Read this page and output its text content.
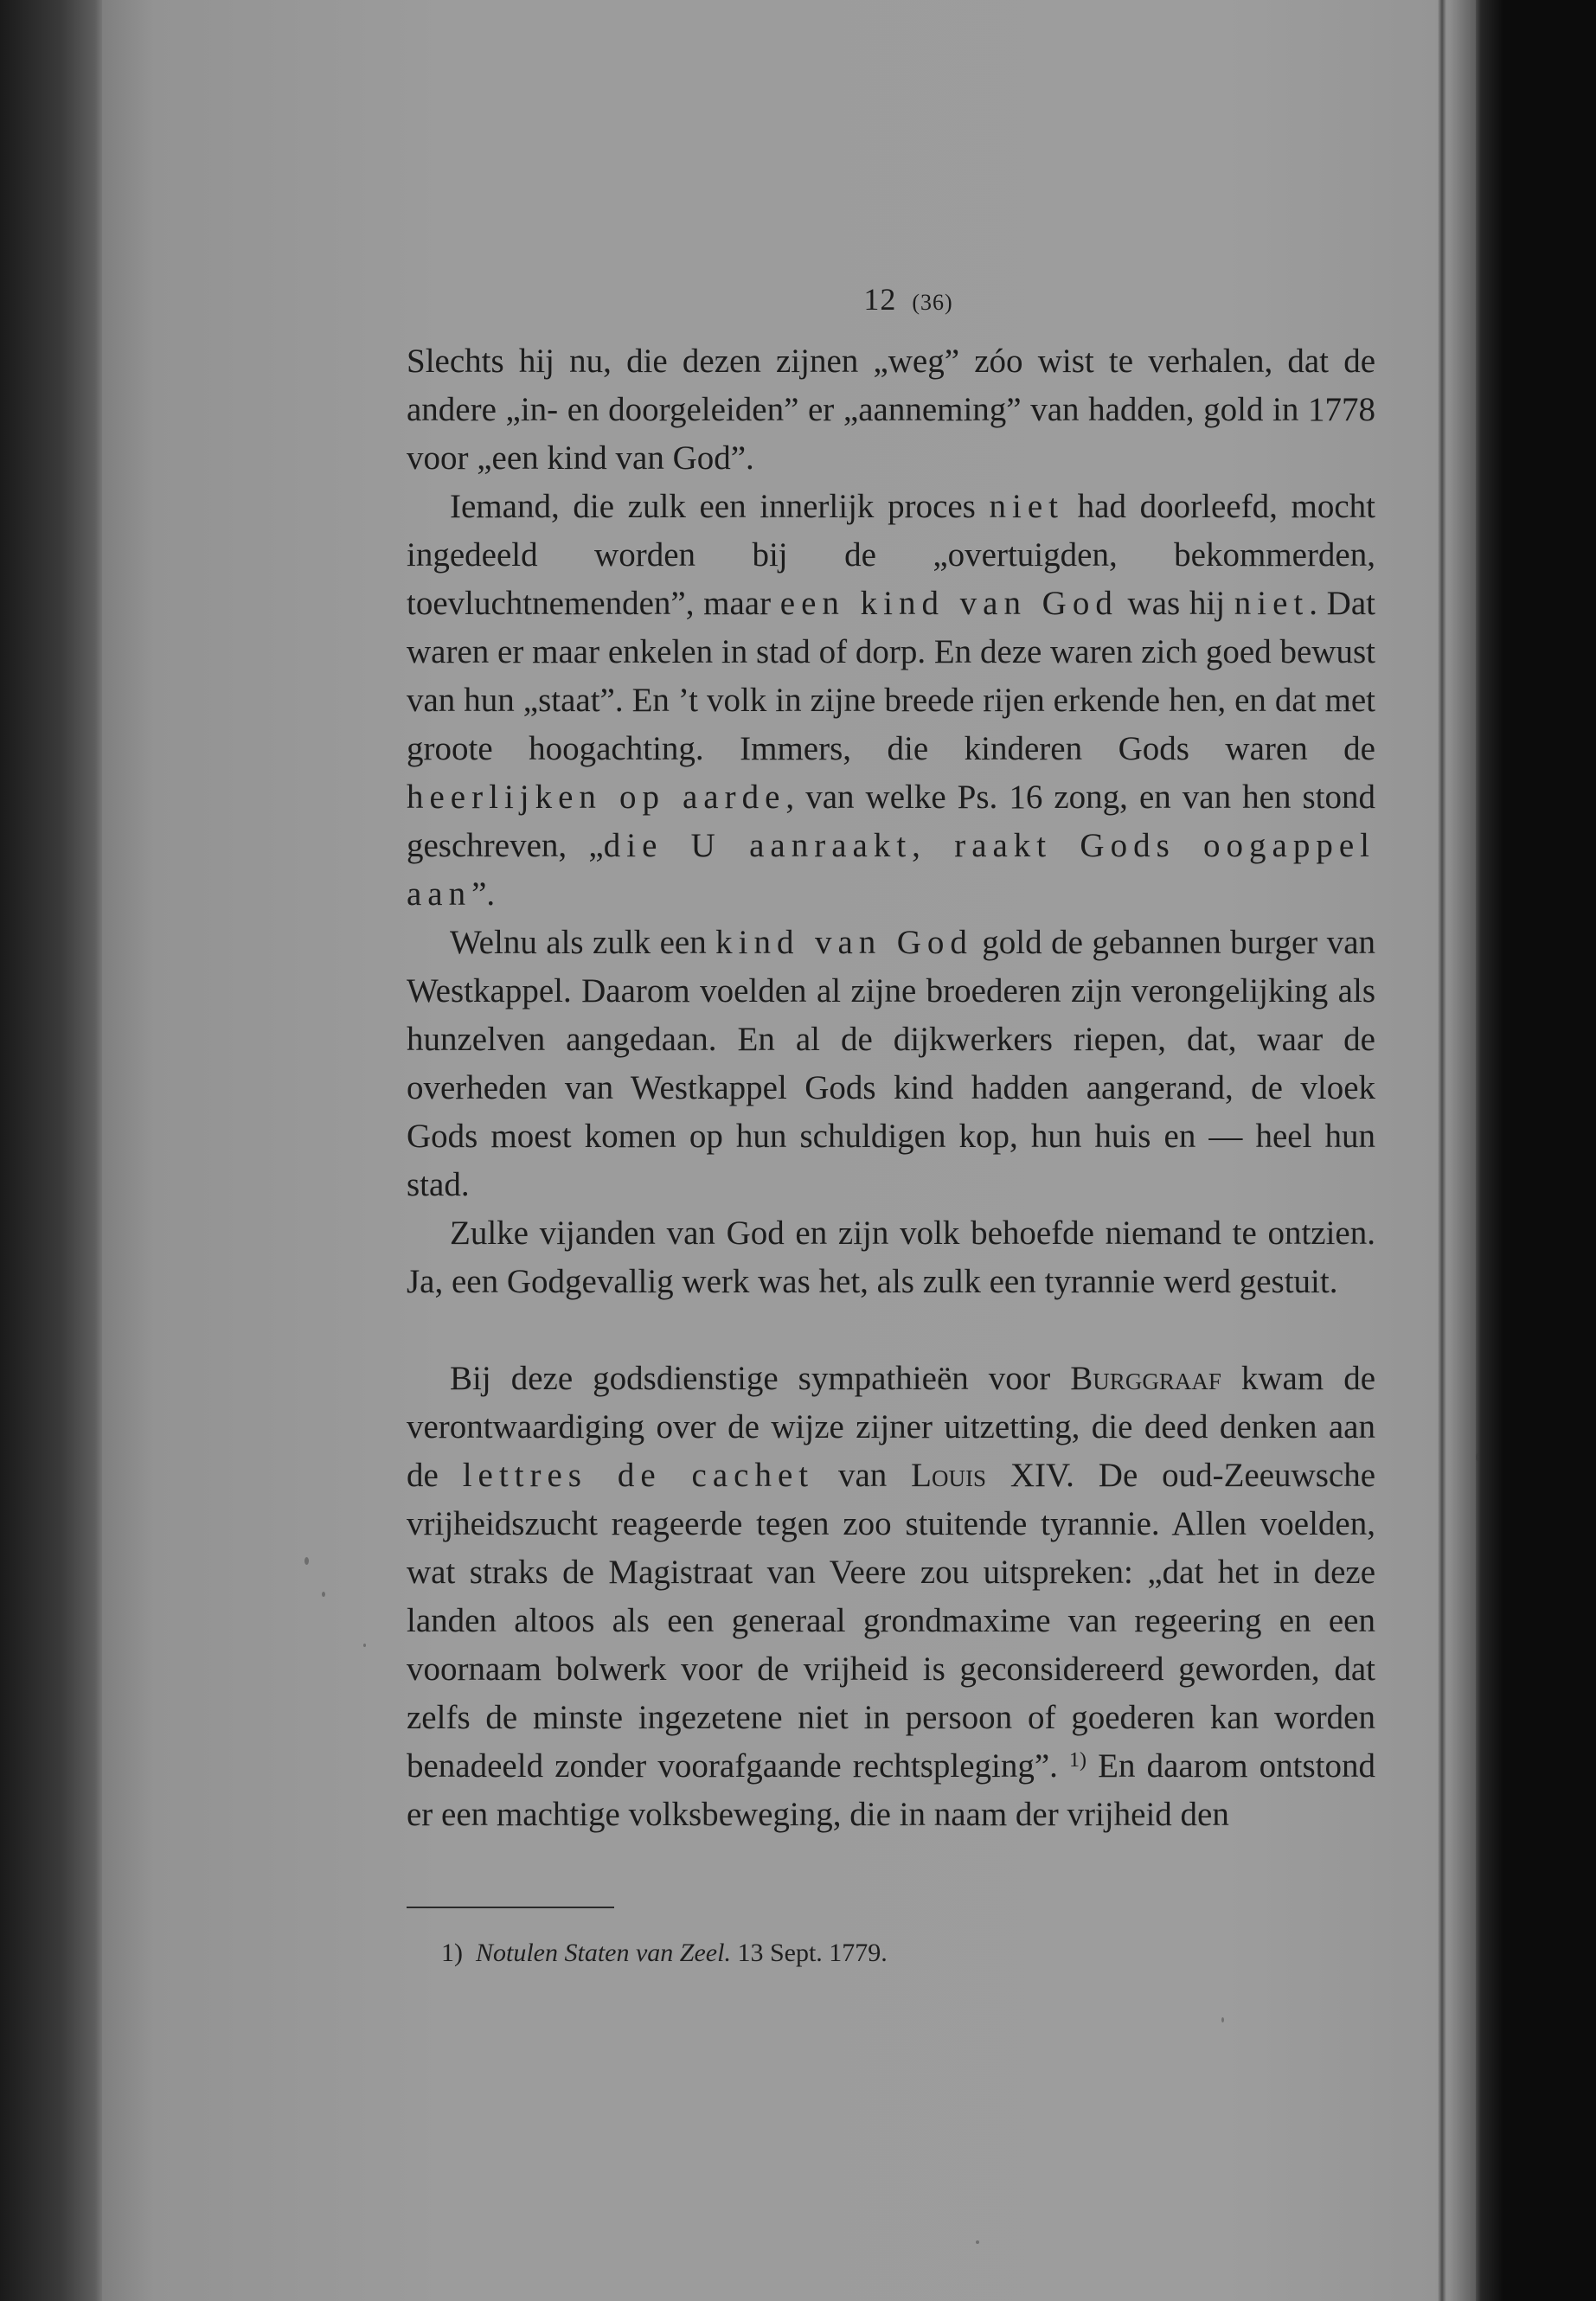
12 (36)

Slechts hij nu, die dezen zijnen „weg” zóo wist te verhalen, dat de andere „in- en doorgeleiden” er „aanneming” van hadden, gold in 1778 voor „een kind van God”.

Iemand, die zulk een innerlijk proces niet had doorleefd, mocht ingedeeld worden bij de „overtuigden, bekommerden, toevluchtnemenden”, maar een kind van God was hij niet. Dat waren er maar enkelen in stad of dorp. En deze waren zich goed bewust van hun „staat”. En ’t volk in zijne breede rijen erkende hen, en dat met groote hoogachting. Immers, die kinderen Gods waren de heerlijken op aarde, van welke Ps. 16 zong, en van hen stond geschreven, „die U aanraakt, raakt Gods oogappel aan”.

Welnu als zulk een kind van God gold de gebannen burger van Westkappel. Daarom voelden al zijne broederen zijn verongelijking als hunzelven aangedaan. En al de dijkwerkers riepen, dat, waar de overheden van Westkappel Gods kind hadden aangerand, de vloek Gods moest komen op hun schuldigen kop, hun huis en — heel hun stad.

Zulke vijanden van God en zijn volk behoefde niemand te ontzien. Ja, een Godgevallig werk was het, als zulk een tyrannie werd gestuit.

Bij deze godsdienstige sympathieën voor Burggraaf kwam de verontwaardiging over de wijze zijner uitzetting, die deed denken aan de lettres de cachet van Louis XIV. De oud-Zeeuwsche vrijheidszucht reageerde tegen zoo stuitende tyrannie. Allen voelden, wat straks de Magistraat van Veere zou uitspreken: „dat het in deze landen altoos als een generaal grondmaxime van regeering en een voornaam bolwerk voor de vrijheid is geconsidereerd geworden, dat zelfs de minste ingezetene niet in persoon of goederen kan worden benadeeld zonder voorafgaande rechtspleging”. $^{1)}$ En daarom ontstond er een machtige volksbeweging, die in naam der vrijheid den

1) Notulen Staten van Zeel. 13 Sept. 1779.
